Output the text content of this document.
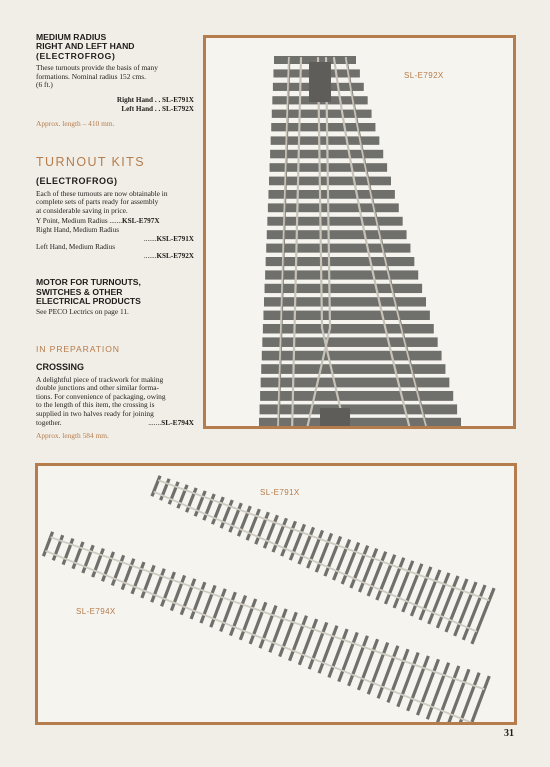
MEDIUM RADIUS
RIGHT AND LEFT HAND
(ELECTROFROG)

These turnouts provide the basis of many
formations. Nominal radius 152 cms.
(6 ft.)

Right Hand . . SL-E791X
Left Hand . . SL-E792X
Approx. length – 410 mm.

TURNOUT KITS

(ELECTROFROG)

Each of these turnouts are now obtainable in
complete sets of parts ready for assembly
at considerable saving in price.

Y Point, Medium Radius .......KSL-E797X
Right Hand, Medium Radius
.......KSL-E791X
Left Hand, Medium Radius
.......KSL-E792X

MOTOR FOR TURNOUTS,
SWITCHES & OTHER
ELECTRICAL PRODUCTS

See PECO Lectrics on page 11.

IN PREPARATION

CROSSING

A delightful piece of trackwork for making
double junctions and other similar forma-
tions. For convenience of packaging, owing
to the length of this item, the crossing is
supplied in two halves ready for joining
together.	.......SL-E794X

Approx. length 584 mm.
SL-E792X
SL-E791X
SL-E794X
31
